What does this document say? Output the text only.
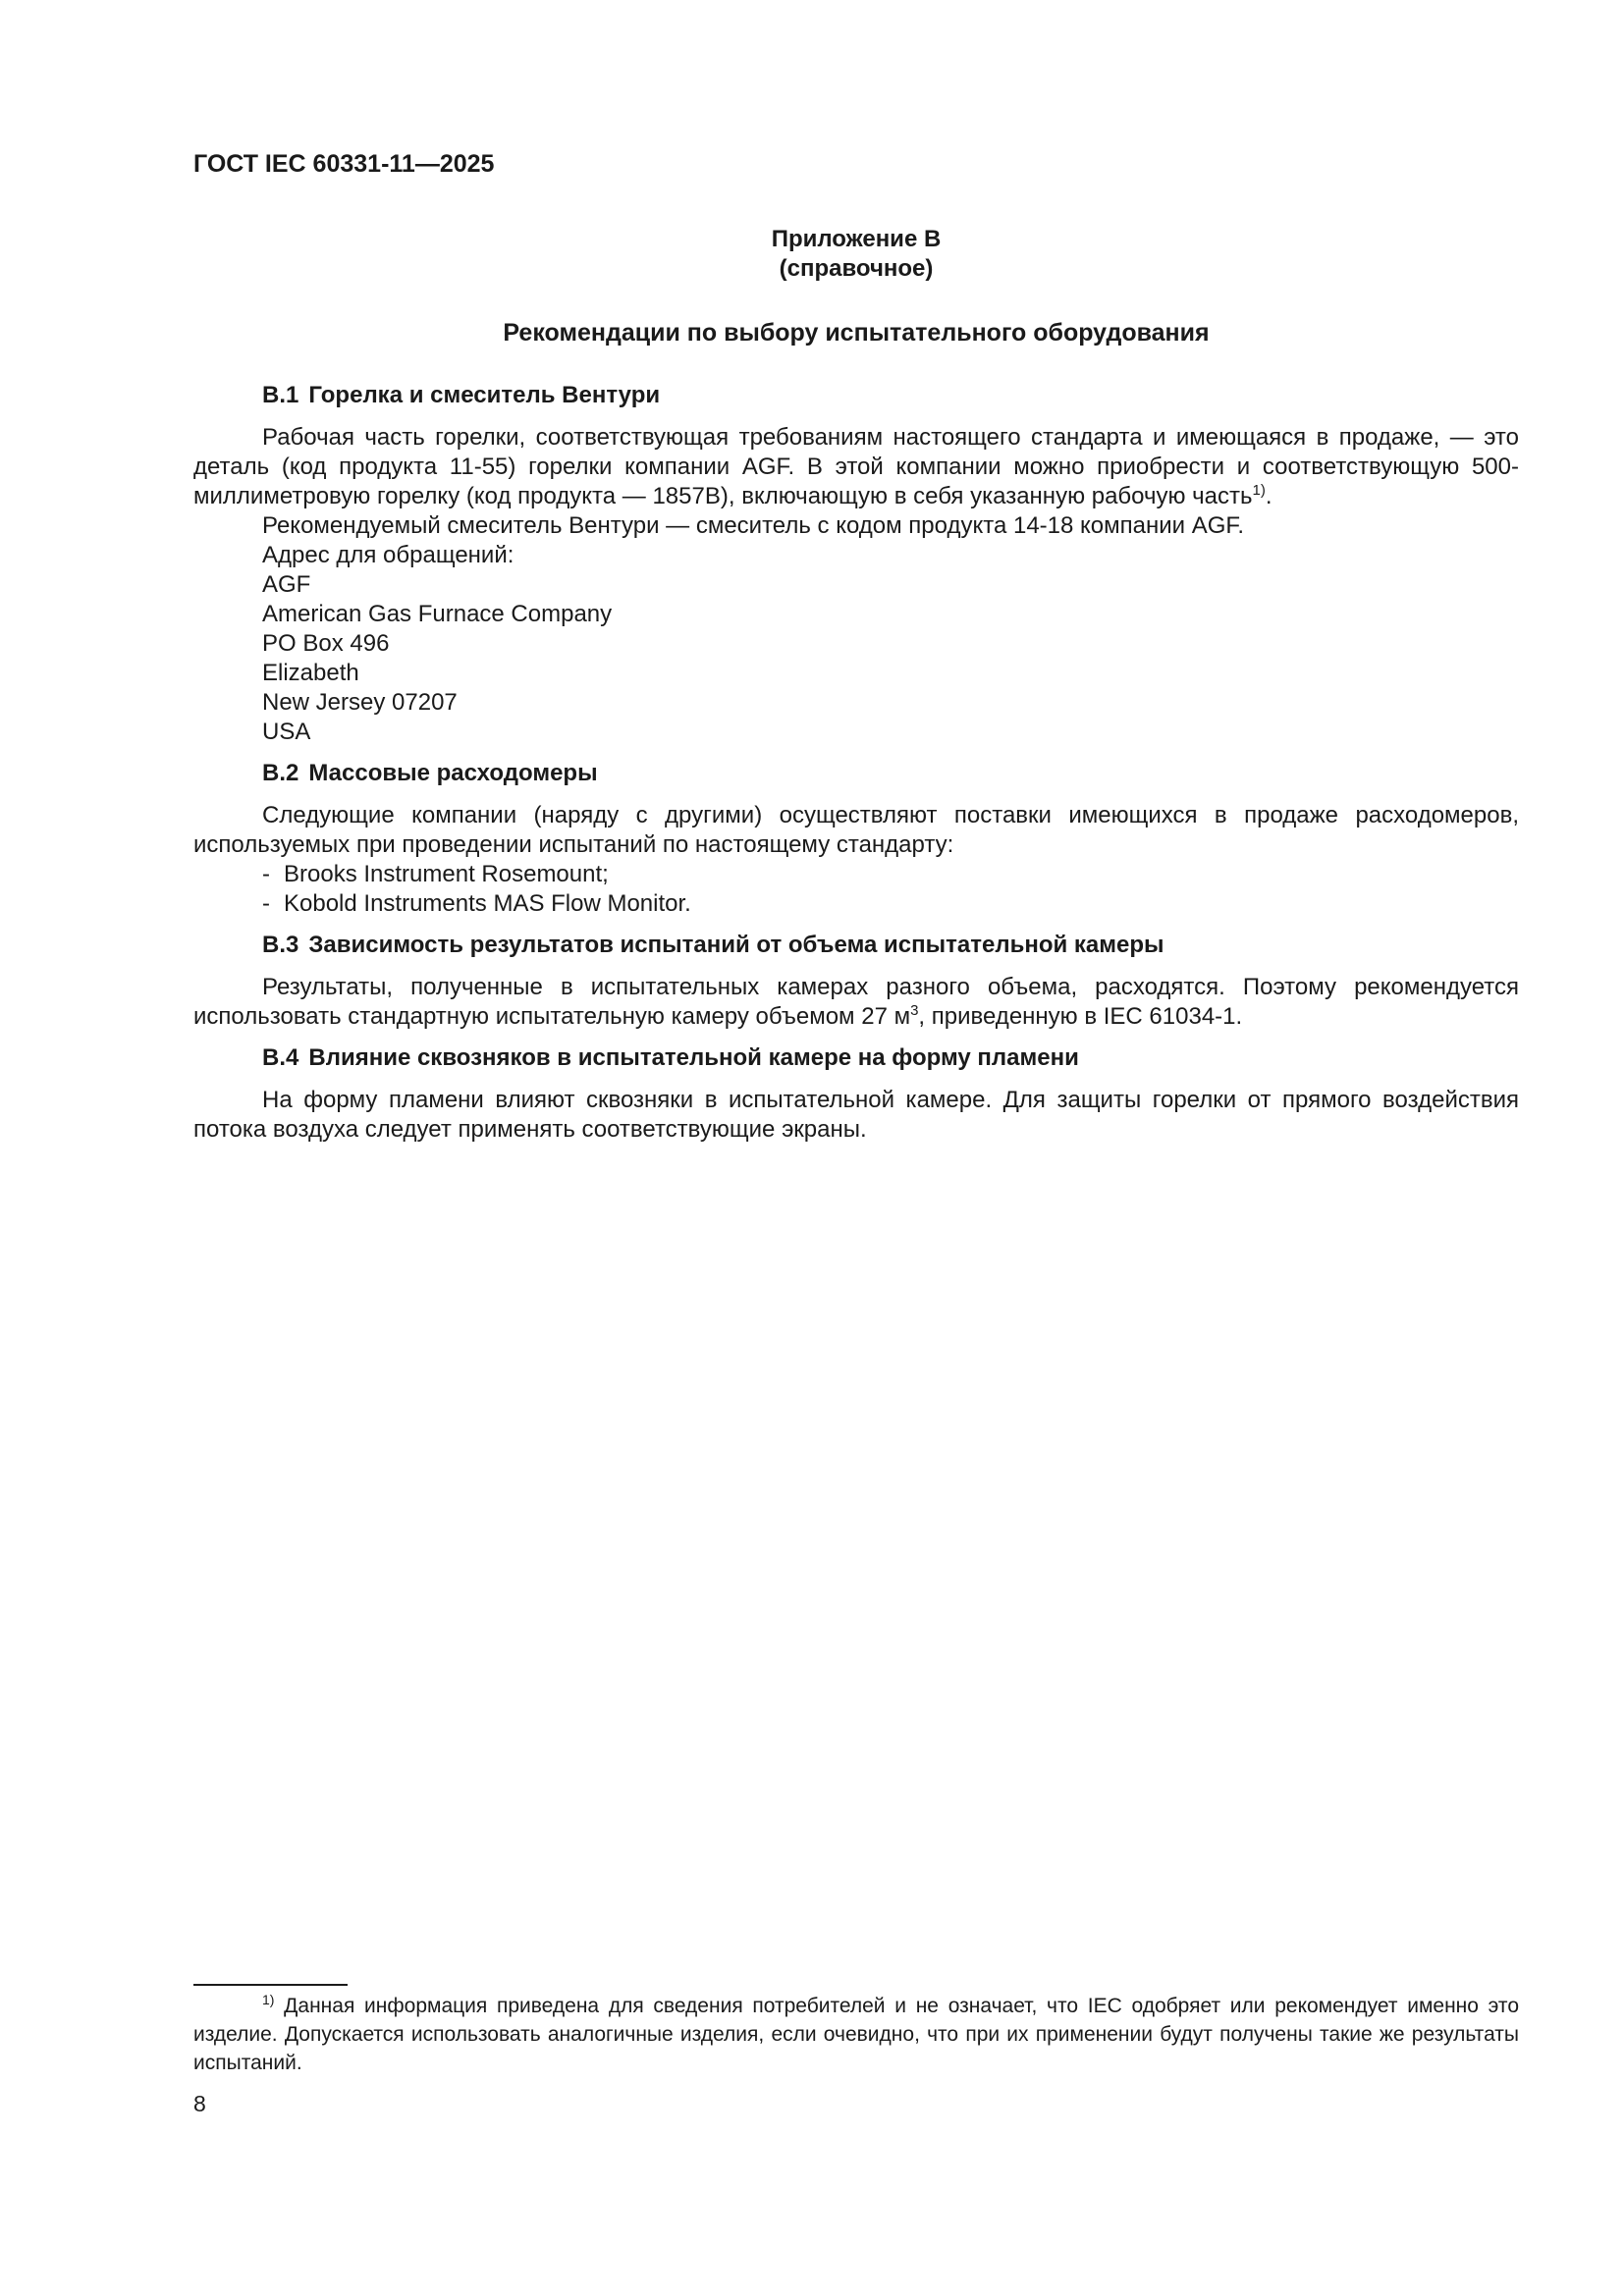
ГОСТ IEC 60331-11—2025
Приложение В
(справочное)
Рекомендации по выбору испытательного оборудования
В.1 Горелка и смеситель Вентури

Рабочая часть горелки, соответствующая требованиям настоящего стандарта и имеющаяся в продаже, — это деталь (код продукта 11-55) горелки компании AGF. В этой компании можно приобрести и соответствующую 500-миллиметровую горелку (код продукта — 1857В), включающую в себя указанную рабочую часть$^{1)}$.

Рекомендуемый смеситель Вентури — смеситель с кодом продукта 14-18 компании AGF.

Адрес для обращений:

AGF

American Gas Furnace Company

PO Box 496

Elizabeth

New Jersey 07207

USA

В.2 Массовые расходомеры

Следующие компании (наряду с другими) осуществляют поставки имеющихся в продаже расходомеров, используемых при проведении испытаний по настоящему стандарту:

- Brooks Instrument Rosemount;

- Kobold Instruments MAS Flow Monitor.

В.3 Зависимость результатов испытаний от объема испытательной камеры

Результаты, полученные в испытательных камерах разного объема, расходятся. Поэтому рекомендуется использовать стандартную испытательную камеру объемом 27 $м^3$, приведенную в IEC 61034-1.

В.4 Влияние сквозняков в испытательной камере на форму пламени

На форму пламени влияют сквозняки в испытательной камере. Для защиты горелки от прямого воздействия потока воздуха следует применять соответствующие экраны.

$^{1)}$ Данная информация приведена для сведения потребителей и не означает, что IEC одобряет или рекомендует именно это изделие. Допускается использовать аналогичные изделия, если очевидно, что при их применении будут получены такие же результаты испытаний.

8
